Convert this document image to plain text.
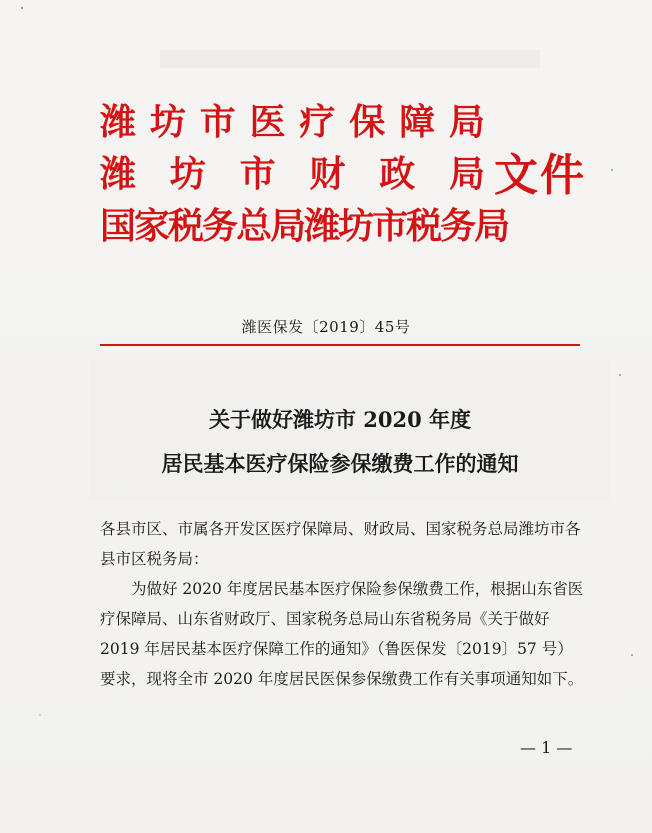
潍 坊 市 医 疗 保 障 局
潍 坊 市 财 政 局
国 家 税 务 总 局 潍 坊 市 税 务 局
文件
潍医保发〔2019〕45号
关于做好潍坊市 2020 年度
居民基本医疗保险参保缴费工作的通知
各县市区、市属各开发区医疗保障局、财政局、国家税务总局潍坊市各县市区税务局：
为做好 2020 年度居民基本医疗保险参保缴费工作，根据山东省医疗保障局、山东省财政厅、国家税务总局山东省税务局《关于做好 2019 年居民基本医疗保障工作的通知》（鲁医保发〔2019〕57 号）要求，现将全市 2020 年度居民医保参保缴费工作有关事项通知如下。
— 1 —
